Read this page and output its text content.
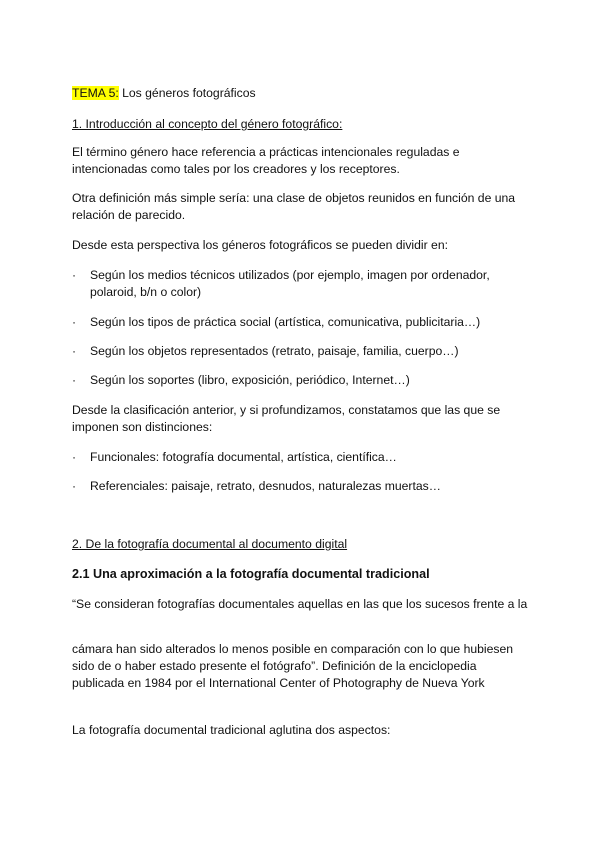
TEMA 5: Los géneros fotográficos

1. Introducción al concepto del género fotográfico:

El término género hace referencia a prácticas intencionales reguladas e intencionadas como tales por los creadores y los receptores.

Otra definición más simple sería: una clase de objetos reunidos en función de una relación de parecido.

Desde esta perspectiva los géneros fotográficos se pueden dividir en:

·	Según los medios técnicos utilizados (por ejemplo, imagen por ordenador, polaroid, b/n o color)
·	Según los tipos de práctica social (artística, comunicativa, publicitaria…)
·	Según los objetos representados (retrato, paisaje, familia, cuerpo…)
·	Según los soportes (libro, exposición, periódico, Internet…)

Desde la clasificación anterior, y si profundizamos, constatamos que las que se imponen son distinciones:

·	Funcionales: fotografía documental, artística, científica…
·	Referenciales: paisaje, retrato, desnudos, naturalezas muertas…

2. De la fotografía documental al documento digital

2.1 Una aproximación a la fotografía documental tradicional

“Se consideran fotografías documentales aquellas en las que los sucesos frente a la

cámara han sido alterados lo menos posible en comparación con lo que hubiesen sido de o haber estado presente el fotógrafo”. Definición de la enciclopedia publicada en 1984 por el International Center of Photography de Nueva York

La fotografía documental tradicional aglutina dos aspectos:
